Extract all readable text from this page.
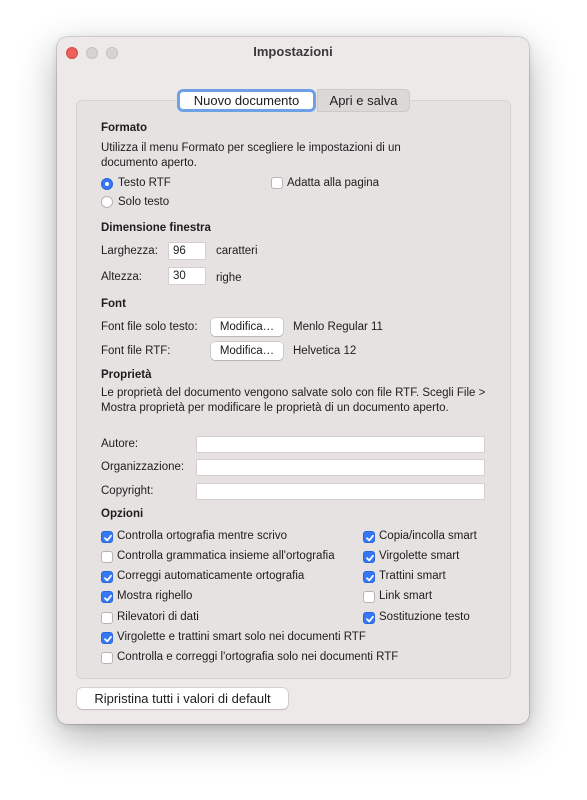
Impostazioni
Apri e salva
Nuovo documento
Formato
Utilizza il menu Formato per scegliere le impostazioni di un documento aperto.
Testo RTF
Solo testo
Adatta alla pagina
Dimensione finestra
Larghezza:	96	caratteri
Altezza:	30	righe
Font
Font file solo testo:	Modifica…	Menlo Regular 11
Font file RTF:	Modifica…	Helvetica 12
Proprietà
Le proprietà del documento vengono salvate solo con file RTF. Scegli File > Mostra proprietà per modificare le proprietà di un documento aperto.
Autore:
Organizzazione:
Copyright:
Opzioni
Ripristina tutti i valori di default
Controlla ortografia mentre scrivo
Controlla grammatica insieme all'ortografia
Correggi automaticamente ortografia
Mostra righello
Rilevatori di dati
Copia/incolla smart
Virgolette smart
Trattini smart
Link smart
Sostituzione testo
Virgolette e trattini smart solo nei documenti RTF
Controlla e correggi l'ortografia solo nei documenti RTF
